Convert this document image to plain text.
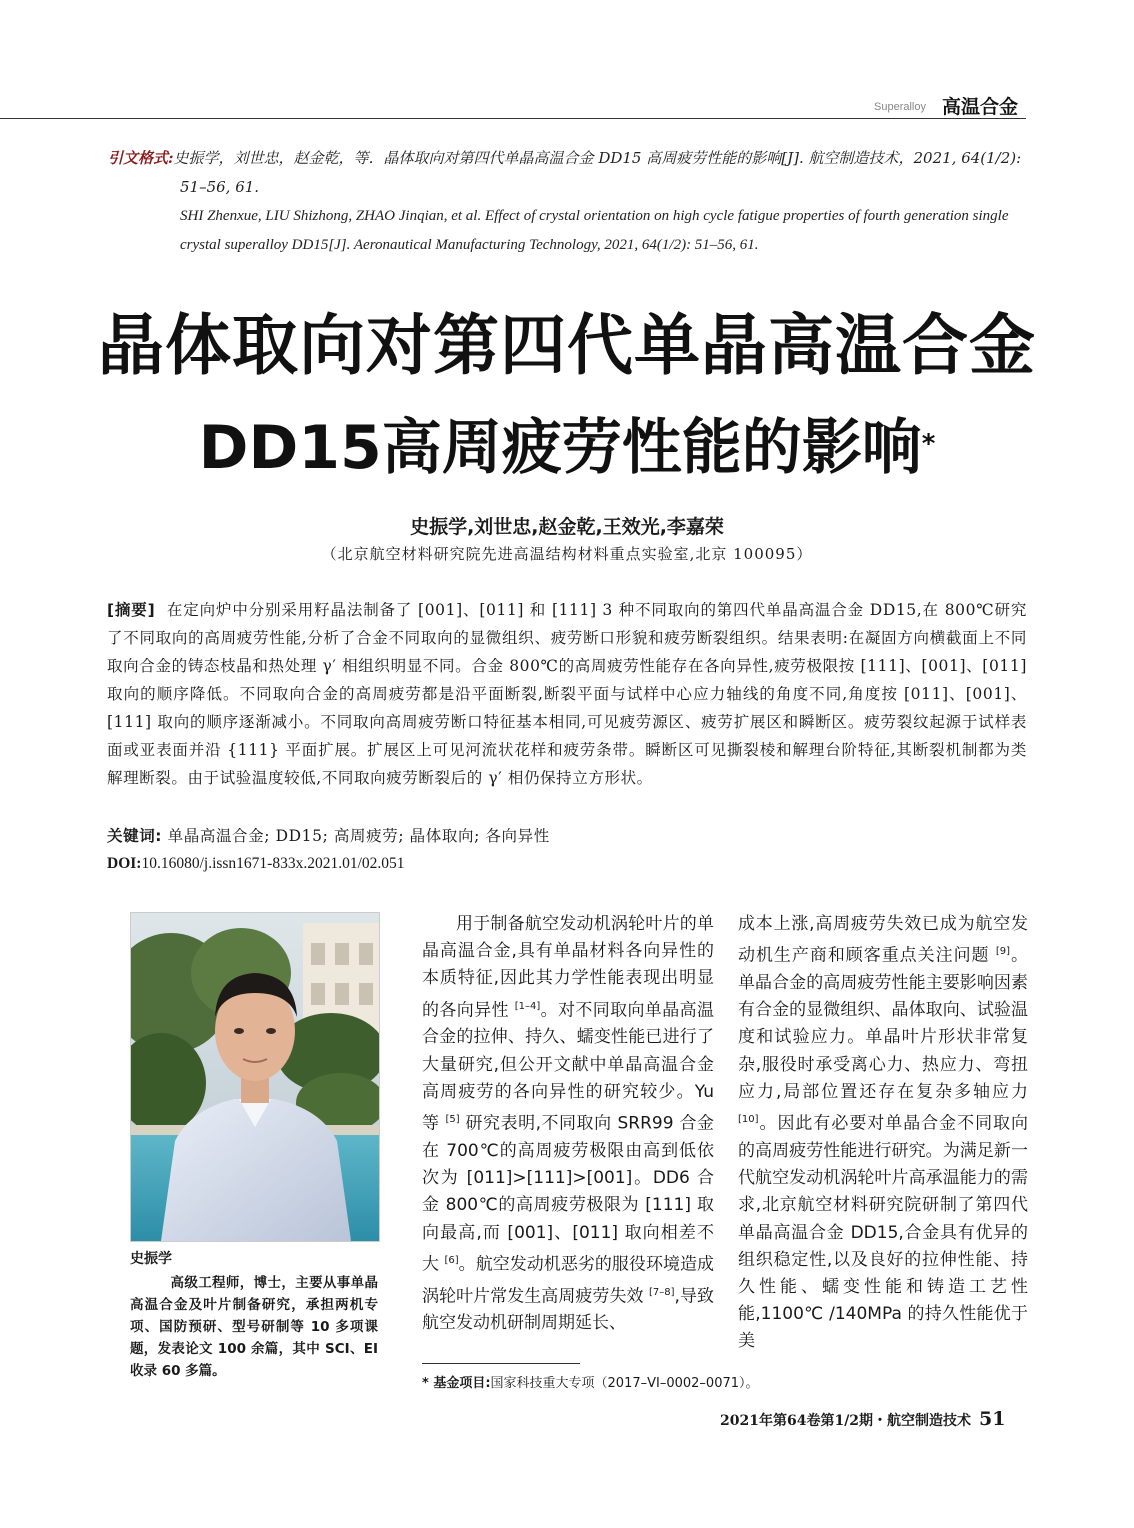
Superalloy 高温合金

引文格式:史振学，刘世忠，赵金乾，等．晶体取向对第四代单晶高温合金 DD15 高周疲劳性能的影响[J]. 航空制造技术，2021, 64(1/2): 51–56, 61.

SHI Zhenxue, LIU Shizhong, ZHAO Jinqian, et al. Effect of crystal orientation on high cycle fatigue properties of fourth generation single crystal superalloy DD15[J]. Aeronautical Manufacturing Technology, 2021, 64(1/2): 51–56, 61.

晶体取向对第四代单晶高温合金
DD15高周疲劳性能的影响*
史振学,刘世忠,赵金乾,王效光,李嘉荣
（北京航空材料研究院先进高温结构材料重点实验室,北京 100095）
[摘要] 在定向炉中分别采用籽晶法制备了 [001]、[011] 和 [111] 3 种不同取向的第四代单晶高温合金 DD15,在 800℃研究了不同取向的高周疲劳性能,分析了合金不同取向的显微组织、疲劳断口形貌和疲劳断裂组织。结果表明:在凝固方向横截面上不同取向合金的铸态枝晶和热处理 γ′ 相组织明显不同。合金 800℃的高周疲劳性能存在各向异性,疲劳极限按 [111]、[001]、[011] 取向的顺序降低。不同取向合金的高周疲劳都是沿平面断裂,断裂平面与试样中心应力轴线的角度不同,角度按 [011]、[001]、[111] 取向的顺序逐渐减小。不同取向高周疲劳断口特征基本相同,可见疲劳源区、疲劳扩展区和瞬断区。疲劳裂纹起源于试样表面或亚表面并沿 {111} 平面扩展。扩展区上可见河流状花样和疲劳条带。瞬断区可见撕裂棱和解理台阶特征,其断裂机制都为类解理断裂。由于试验温度较低,不同取向疲劳断裂后的 γ′ 相仍保持立方形状。
关键词: 单晶高温合金; DD15; 高周疲劳; 晶体取向; 各向异性
DOI:10.16080/j.issn1671-833x.2021.01/02.051
史振学
高级工程师，博士，主要从事单晶高温合金及叶片制备研究，承担两机专项、国防预研、型号研制等 10 多项课题，发表论文 100 余篇，其中 SCI、EI 收录 60 多篇。

用于制备航空发动机涡轮叶片的单晶高温合金,具有单晶材料各向异性的本质特征,因此其力学性能表现出明显的各向异性 [1–4]。对不同取向单晶高温合金的拉伸、持久、蠕变性能已进行了大量研究,但公开文献中单晶高温合金高周疲劳的各向异性的研究较少。Yu 等 [5] 研究表明,不同取向 SRR99 合金在 700℃的高周疲劳极限由高到低依次为 [011]>[111]>[001]。DD6 合金 800℃的高周疲劳极限为 [111] 取向最高,而 [001]、[011] 取向相差不大 [6]。航空发动机恶劣的服役环境造成涡轮叶片常发生高周疲劳失效 [7–8],导致航空发动机研制周期延长、

成本上涨,高周疲劳失效已成为航空发动机生产商和顾客重点关注问题 [9]。单晶合金的高周疲劳性能主要影响因素有合金的显微组织、晶体取向、试验温度和试验应力。单晶叶片形状非常复杂,服役时承受离心力、热应力、弯扭应力,局部位置还存在复杂多轴应力 [10]。因此有必要对单晶合金不同取向的高周疲劳性能进行研究。为满足新一代航空发动机涡轮叶片高承温能力的需求,北京航空材料研究院研制了第四代单晶高温合金 DD15,合金具有优异的组织稳定性,以及良好的拉伸性能、持久性能、蠕变性能和铸造工艺性能,1100℃ /140MPa 的持久性能优于美

* 基金项目:国家科技重大专项（2017–VI–0002–0071）。
2021年第64卷第1/2期・航空制造技术 51
